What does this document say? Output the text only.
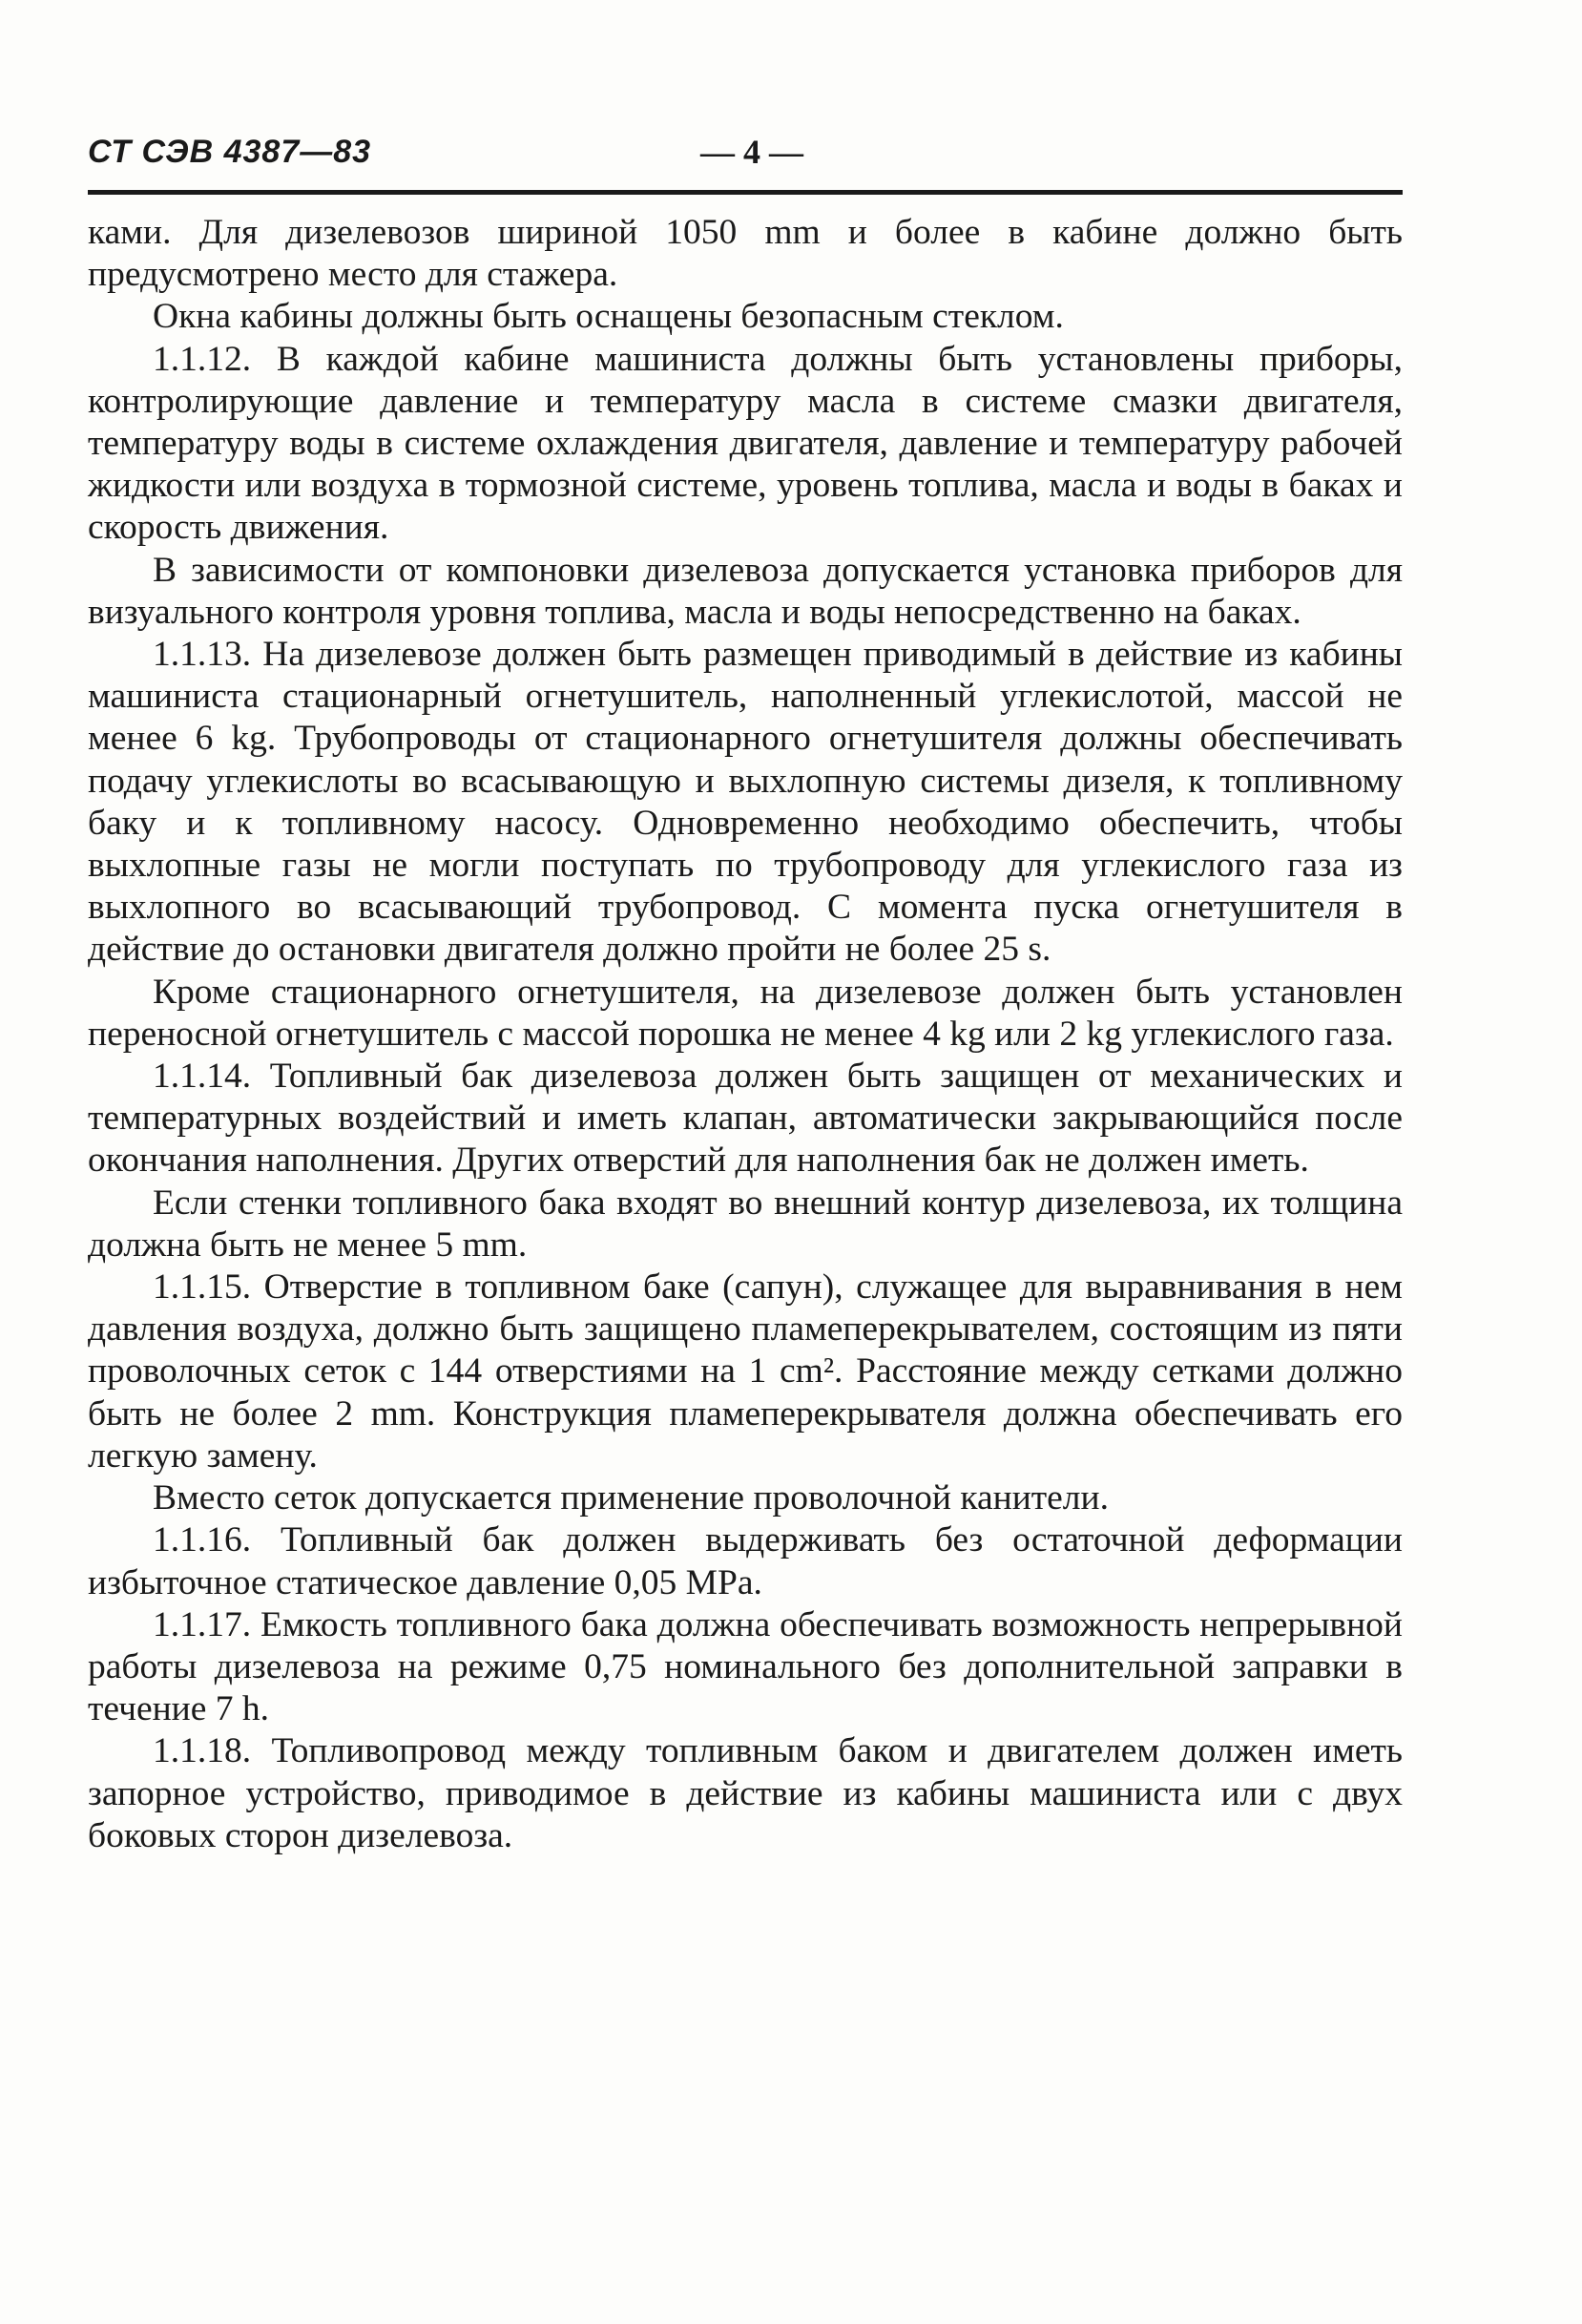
СТ СЭВ 4387—83	— 4 —

ками. Для дизелевозов шириной 1050 mm и более в кабине должно быть предусмотрено место для стажера.

Окна кабины должны быть оснащены безопасным стеклом.

1.1.12. В каждой кабине машиниста должны быть установлены приборы, контролирующие давление и температуру масла в системе смазки двигателя, температуру воды в системе охлаждения двигателя, давление и температуру рабочей жидкости или воздуха в тормозной системе, уровень топлива, масла и воды в баках и скорость движения.

В зависимости от компоновки дизелевоза допускается установка приборов для визуального контроля уровня топлива, масла и воды непосредственно на баках.

1.1.13. На дизелевозе должен быть размещен приводимый в действие из кабины машиниста стационарный огнетушитель, наполненный углекислотой, массой не менее 6 kg. Трубопроводы от стационарного огнетушителя должны обеспечивать подачу углекислоты во всасывающую и выхлопную системы дизеля, к топливному баку и к топливному насосу. Одновременно необходимо обеспечить, чтобы выхлопные газы не могли поступать по трубопроводу для углекислого газа из выхлопного во всасывающий трубопровод. С момента пуска огнетушителя в действие до остановки двигателя должно пройти не более 25 s.

Кроме стационарного огнетушителя, на дизелевозе должен быть установлен переносной огнетушитель с массой порошка не менее 4 kg или 2 kg углекислого газа.

1.1.14. Топливный бак дизелевоза должен быть защищен от механических и температурных воздействий и иметь клапан, автоматически закрывающийся после окончания наполнения. Других отверстий для наполнения бак не должен иметь.

Если стенки топливного бака входят во внешний контур дизелевоза, их толщина должна быть не менее 5 mm.

1.1.15. Отверстие в топливном баке (сапун), служащее для выравнивания в нем давления воздуха, должно быть защищено пламеперекрывателем, состоящим из пяти проволочных сеток с 144 отверстиями на 1 cm². Расстояние между сетками должно быть не более 2 mm. Конструкция пламеперекрывателя должна обеспечивать его легкую замену.

Вместо сеток допускается применение проволочной канители.

1.1.16. Топливный бак должен выдерживать без остаточной деформации избыточное статическое давление 0,05 MPa.

1.1.17. Емкость топливного бака должна обеспечивать возможность непрерывной работы дизелевоза на режиме 0,75 номинального без дополнительной заправки в течение 7 h.

1.1.18. Топливопровод между топливным баком и двигателем должен иметь запорное устройство, приводимое в действие из кабины машиниста или с двух боковых сторон дизелевоза.
